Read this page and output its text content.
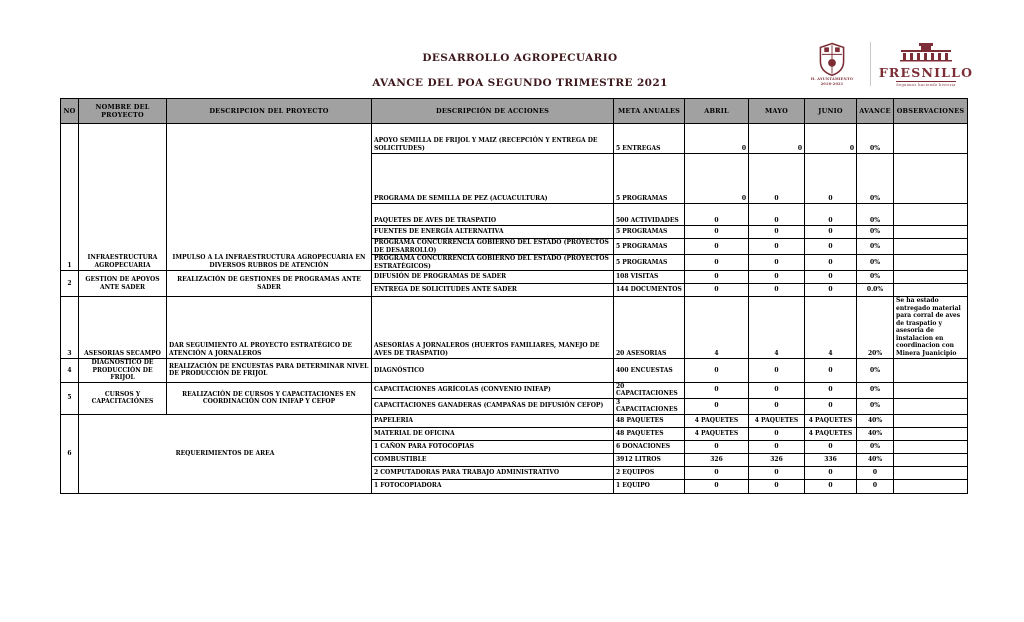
DESARROLLO AGROPECUARIO
AVANCE DEL POA SEGUNDO TRIMESTRE 2021	H. AYUNTAMIENTO
2018-2021
FRESNILLO
Seguimos haciendo historia
NO	NOMBRE DEL PROYECTO	DESCRIPCION DEL PROYECTO	DESCRIPCIÓN DE ACCIONES	META ANUALES	ABRIL	MAYO	JUNIO	AVANCE	OBSERVACIONES
1	INFRAESTRUCTURA AGROPECUARIA	IMPULSO A LA INFRAESTRUCTURA AGROPECUARIA EN DIVERSOS RUBROS DE ATENCIÓN	APOYO SEMILLA DE FRIJOL Y MAIZ (RECEPCIÓN Y ENTREGA DE SOLICITUDES)	5 ENTREGAS	0	0	0	0%	
			PROGRAMA DE SEMILLA DE PEZ (ACUACULTURA)	5 PROGRAMAS	0	0	0	0%	
			PAQUETES DE AVES DE TRASPATIO	500 ACTIVIDADES	0	0	0	0%	
			FUENTES DE ENERGÍA ALTERNATIVA	5 PROGRAMAS	0	0	0	0%	
			PROGRAMA CONCURRENCIA GOBIERNO DEL ESTADO (PROYECTOS DE DESARROLLO)	5 PROGRAMAS	0	0	0	0%	
			PROGRAMA CONCURRENCIA GOBIERNO DEL ESTADO (PROYECTOS ESTRATÉGICOS)	5 PROGRAMAS	0	0	0	0%	
2	GESTION DE APOYOS ANTE SADER	REALIZACIÓN DE GESTIONES DE PROGRAMAS ANTE SADER	DIFUSIÓN DE PROGRAMAS DE SADER	108 VISITAS	0	0	0	0%	
			ENTREGA DE SOLICITUDES ANTE SADER	144 DOCUMENTOS	0	0	0	0.0%	
3	ASESORIAS SECAMPO	DAR SEGUIMIENTO AL PROYECTO ESTRATÉGICO DE ATENCIÓN A JORNALEROS	ASESORÍAS A JORNALEROS (HUERTOS FAMILIARES, MANEJO DE AVES DE TRASPATIO)	20 ASESORIAS	4	4	4	20%	Se ha estado entregado material para corral de aves de traspatio y asesoria de instalacion en coordinacion con Minera Juanicipio
4	DIAGNOSTICO DE PRODUCCIÓN DE FRIJOL	REALIZACIÓN DE ENCUESTAS PARA DETERMINAR NIVEL DE PRODUCCIÓN DE FRIJOL	DIAGNÓSTICO	400 ENCUESTAS	0	0	0	0%	
5	CURSOS Y CAPACITACIÓNES	REALIZACIÓN DE CURSOS Y CAPACITACIONES EN COORDINACIÓN CON INIFAP Y CEFOP	CAPACITACIONES AGRÍCOLAS (CONVENIO INIFAP)	20 CAPACITACIONES	0	0	0	0%	
			CAPACITACIONES GANADERAS (CAMPAÑAS DE DIFUSIÓN CEFOP)	3 CAPACITACIONES	0	0	0	0%	
6	REQUERIMIENTOS DE AREA		PAPELERIA	48 PAQUETES	4 PAQUETES	4 PAQUETES	4 PAQUETES	40%	
			MATERIAL DE OFICINA	48 PAQUETES	4 PAQUETES	0	4 PAQUETES	40%	
			1 CAÑON PARA FOTOCOPIAS	6 DONACIONES	0	0	0	0%	
			COMBUSTIBLE	3912 LITROS	326	326	336	40%	
			2 COMPUTADORAS PARA TRABAJO ADMINISTRATIVO	2 EQUIPOS	0	0	0	0	
			1 FOTOCOPIADORA	1 EQUIPO	0	0	0	0	
